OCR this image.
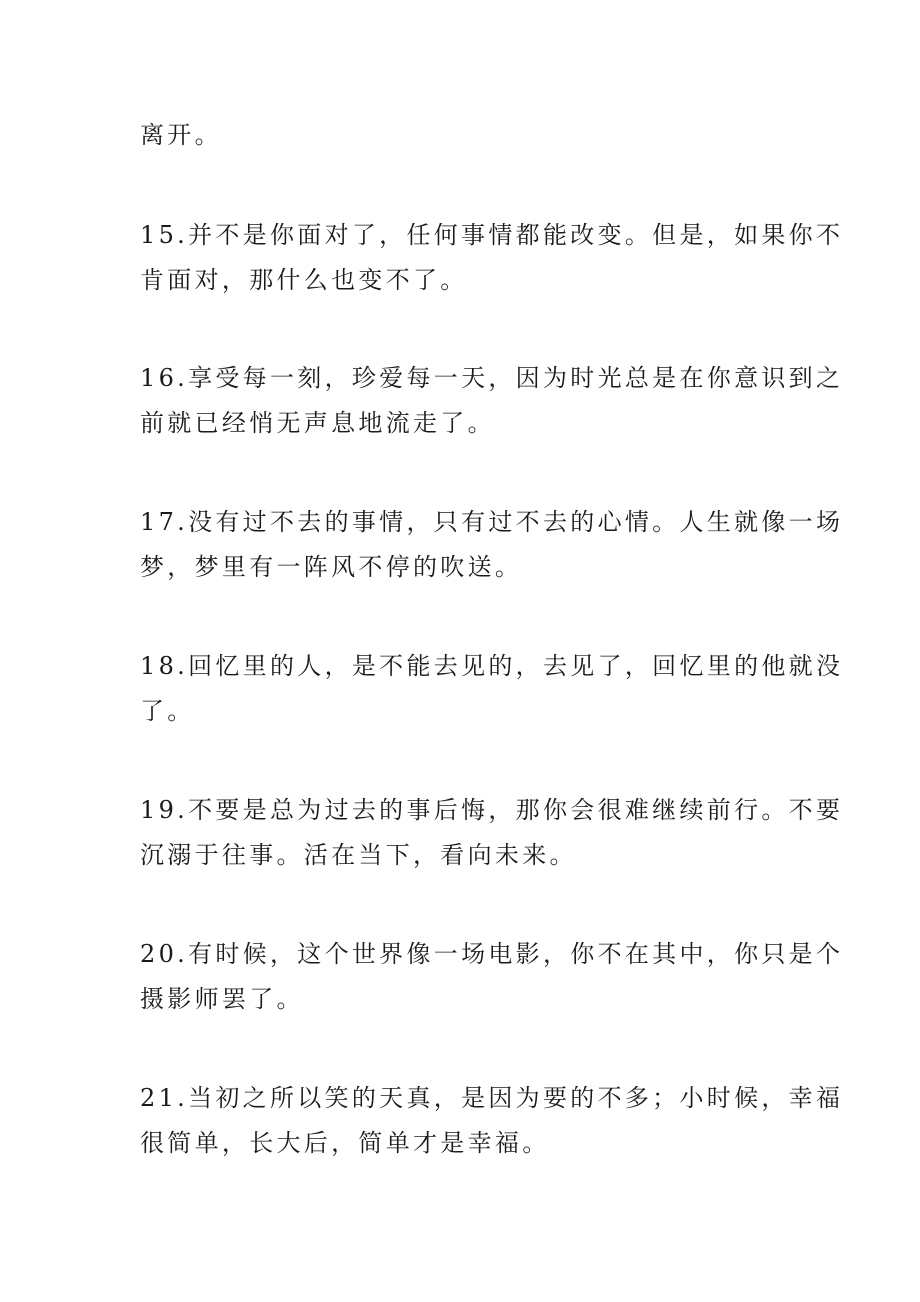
离开。
15.并不是你面对了，任何事情都能改变。但是，如果你不
肯面对，那什么也变不了。
16.享受每一刻，珍爱每一天，因为时光总是在你意识到之
前就已经悄无声息地流走了。
17.没有过不去的事情，只有过不去的心情。人生就像一场
梦，梦里有一阵风不停的吹送。
18.回忆里的人，是不能去见的，去见了，回忆里的他就没
了。
19.不要是总为过去的事后悔，那你会很难继续前行。不要
沉溺于往事。活在当下，看向未来。
20.有时候，这个世界像一场电影，你不在其中，你只是个
摄影师罢了。
21.当初之所以笑的天真，是因为要的不多；小时候，幸福
很简单，长大后，简单才是幸福。
